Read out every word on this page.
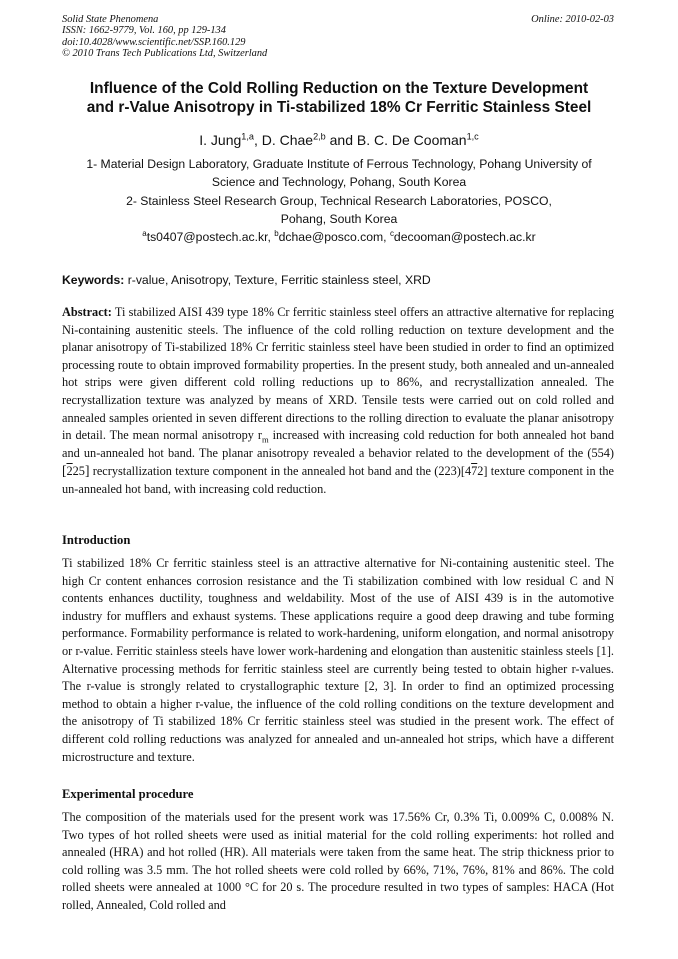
Solid State Phenomena
ISSN: 1662-9779, Vol. 160, pp 129-134
doi:10.4028/www.scientific.net/SSP.160.129
© 2010 Trans Tech Publications Ltd, Switzerland
Online: 2010-02-03
Influence of the Cold Rolling Reduction on the Texture Development
and r-Value Anisotropy in Ti-stabilized 18% Cr Ferritic Stainless Steel
I. Jung$^{1,a}$, D. Chae$^{2,b}$ and B. C. De Cooman$^{1,c}$
1- Material Design Laboratory, Graduate Institute of Ferrous Technology, Pohang University of
Science and Technology, Pohang, South Korea
2- Stainless Steel Research Group, Technical Research Laboratories, POSCO,
Pohang, South Korea
$^a$ts0407@postech.ac.kr, $^b$dchae@posco.com, $^c$decooman@postech.ac.kr
Keywords: r-value, Anisotropy, Texture, Ferritic stainless steel, XRD
Abstract: Ti stabilized AISI 439 type 18% Cr ferritic stainless steel offers an attractive alternative for replacing Ni-containing austenitic steels. The influence of the cold rolling reduction on texture development and the planar anisotropy of Ti-stabilized 18% Cr ferritic stainless steel have been studied in order to find an optimized processing route to obtain improved formability properties. In the present study, both annealed and un-annealed hot strips were given different cold rolling reductions up to 86%, and recrystallization annealed. The recrystallization texture was analyzed by means of XRD. Tensile tests were carried out on cold rolled and annealed samples oriented in seven different directions to the rolling direction to evaluate the planar anisotropy in detail. The mean normal anisotropy $r_m$ increased with increasing cold reduction for both annealed hot band and un-annealed hot band. The planar anisotropy revealed a behavior related to the development of the (554)[225] recrystallization texture component in the annealed hot band and the (223)[472] texture component in the un-annealed hot band, with increasing cold reduction.
Introduction
Ti stabilized 18% Cr ferritic stainless steel is an attractive alternative for Ni-containing austenitic steel. The high Cr content enhances corrosion resistance and the Ti stabilization combined with low residual C and N contents enhances ductility, toughness and weldability. Most of the use of AISI 439 is in the automotive industry for mufflers and exhaust systems. These applications require a good deep drawing and tube forming performance. Formability performance is related to work-hardening, uniform elongation, and normal anisotropy or r-value. Ferritic stainless steels have lower work-hardening and elongation than austenitic stainless steels [1]. Alternative processing methods for ferritic stainless steel are currently being tested to obtain higher r-values. The r-value is strongly related to crystallographic texture [2, 3]. In order to find an optimized processing method to obtain a higher r-value, the influence of the cold rolling conditions on the texture development and the anisotropy of Ti stabilized 18% Cr ferritic stainless steel was studied in the present work. The effect of different cold rolling reductions was analyzed for annealed and un-annealed hot strips, which have a different microstructure and texture.
Experimental procedure
The composition of the materials used for the present work was 17.56% Cr, 0.3% Ti, 0.009% C, 0.008% N. Two types of hot rolled sheets were used as initial material for the cold rolling experiments: hot rolled and annealed (HRA) and hot rolled (HR). All materials were taken from the same heat. The strip thickness prior to cold rolling was 3.5 mm. The hot rolled sheets were cold rolled by 66%, 71%, 76%, 81% and 86%. The cold rolled sheets were annealed at 1000 °C for 20 s. The procedure resulted in two types of samples: HACA (Hot rolled, Annealed, Cold rolled and
